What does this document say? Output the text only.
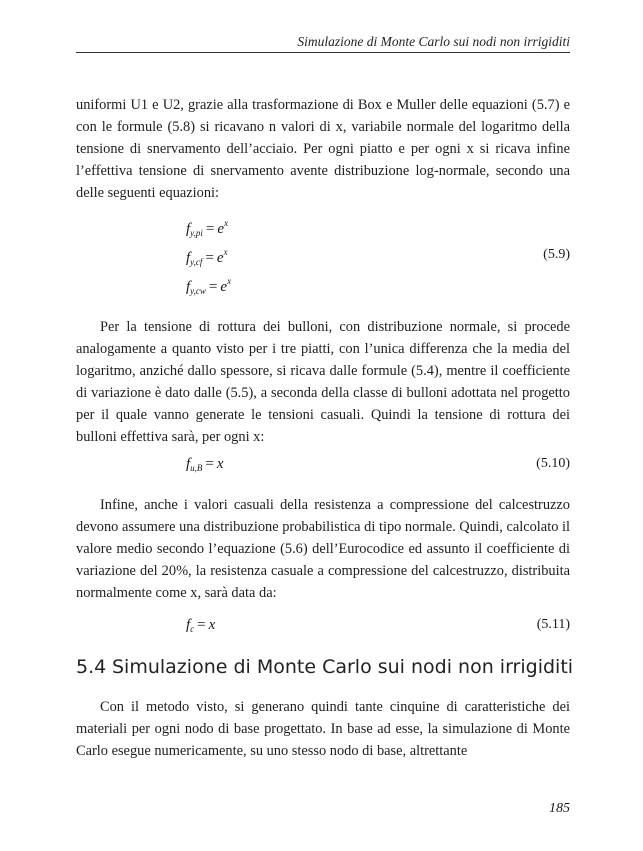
Simulazione di Monte Carlo sui nodi non irrigiditi

uniformi U1 e U2, grazie alla trasformazione di Box e Muller delle equazioni (5.7) e con le formule (5.8) si ricavano n valori di x, variabile normale del logaritmo della tensione di snervamento dell’acciaio. Per ogni piatto e per ogni x si ricava infine l’effettiva tensione di snervamento avente distribuzione log-normale, secondo una delle seguenti equazioni:

$f_{y,pi} = e^x$
$f_{y,cf} = e^x$	(5.9)
$f_{y,cw} = e^x$

Per la tensione di rottura dei bulloni, con distribuzione normale, si procede analogamente a quanto visto per i tre piatti, con l’unica differenza che la media del logaritmo, anziché dallo spessore, si ricava dalle formule (5.4), mentre il coefficiente di variazione è dato dalle (5.5), a seconda della classe di bulloni adottata nel progetto per il quale vanno generate le tensioni casuali. Quindi la tensione di rottura dei bulloni effettiva sarà, per ogni x:

$f_{u,B} = x$	(5.10)

Infine, anche i valori casuali della resistenza a compressione del calcestruzzo devono assumere una distribuzione probabilistica di tipo normale. Quindi, calcolato il valore medio secondo l’equazione (5.6) dell’Eurocodice ed assunto il coefficiente di variazione del 20%, la resistenza casuale a compressione del calcestruzzo, distribuita normalmente come x, sarà data da:

$f_c = x$	(5.11)
5.4 Simulazione di Monte Carlo sui nodi non irrigiditi

Con il metodo visto, si generano quindi tante cinquine di caratteristiche dei materiali per ogni nodo di base progettato. In base ad esse, la simulazione di Monte Carlo esegue numericamente, su uno stesso nodo di base, altrettante

185
